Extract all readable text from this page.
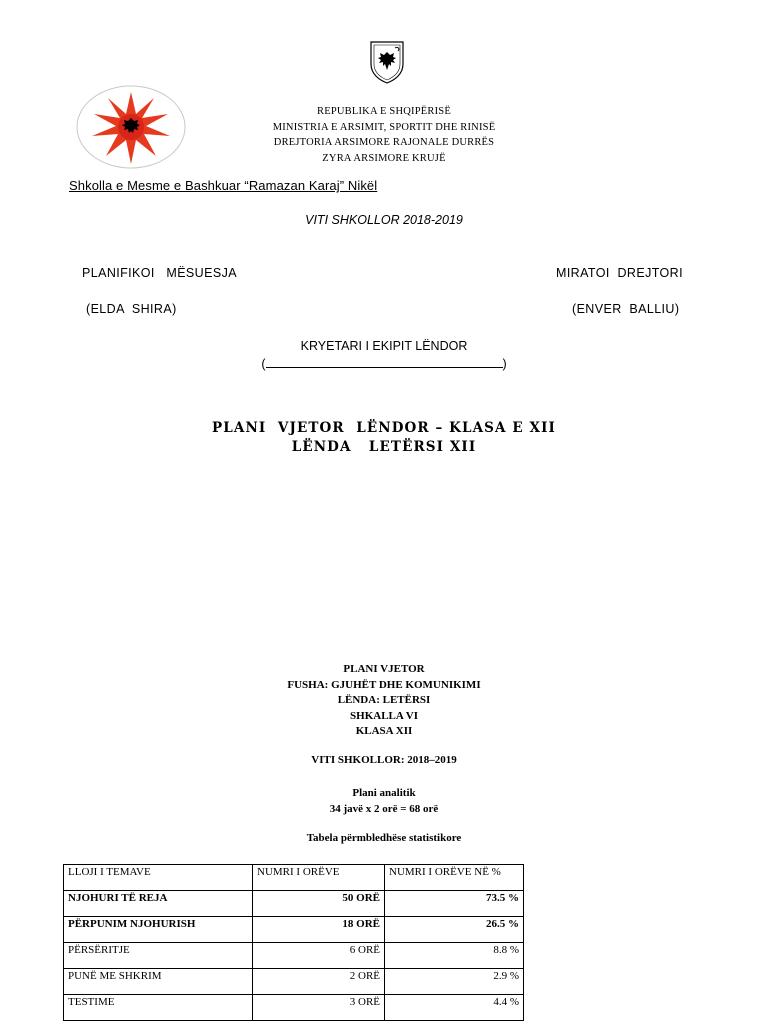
REPUBLIKA E SHQIPËRISË
MINISTRIA E ARSIMIT, SPORTIT DHE RINISË
DREJTORIA ARSIMORE RAJONALE DURRËS
ZYRA ARSIMORE KRUJË
Shkolla e Mesme e Bashkuar “Ramazan Karaj” Nikël
VITI SHKOLLOR 2018-2019
PLANIFIKOI   MËSUESJA	MIRATOI  DREJTORI
(ELDA  SHIRA)	(ENVER  BALLIU)
KRYETARI I EKIPIT LËNDOR
(	)
PLANI  VJETOR  LËNDOR – KLASA E XII
LËNDA   LETËRSI XII
PLANI VJETOR
FUSHA: GJUHËT DHE KOMUNIKIMI
LËNDA: LETËRSI
SHKALLA VI
KLASA XII
VITI SHKOLLOR: 2018–2019
Plani analitik
34 javë x 2 orë = 68 orë
Tabela përmbledhëse statistikore
LLOJI I TEMAVE	NUMRI I ORËVE	NUMRI I ORËVE NË %
NJOHURI TË REJA	50 ORË	73.5 %
PËRPUNIM NJOHURISH	18 ORË	26.5 %
PËRSËRITJE	6 ORË	8.8 %
PUNË ME SHKRIM	2 ORË	2.9 %
TESTIME	3 ORË	4.4 %
